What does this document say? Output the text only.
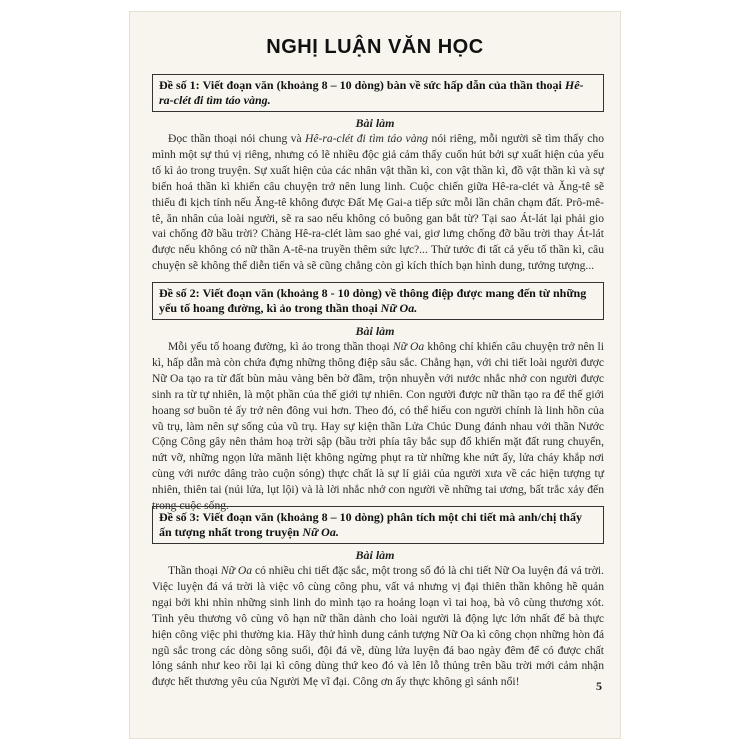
NGHỊ LUẬN VĂN HỌC
Đề số 1: Viết đoạn văn (khoảng 8 – 10 dòng) bàn về sức hấp dẫn của thần thoại Hê-ra-clét đi tìm táo vàng.
Bài làm
Đọc thần thoại nói chung và Hê-ra-clét đi tìm táo vàng nói riêng, mỗi người sẽ tìm thấy cho mình một sự thú vị riêng, nhưng có lẽ nhiều độc giả cảm thấy cuốn hút bởi sự xuất hiện của yếu tố kì ảo trong truyện. Sự xuất hiện của các nhân vật thần kì, con vật thần kì, đồ vật thần kì và sự biến hoá thần kì khiến câu chuyện trở nên lung linh. Cuộc chiến giữa Hê-ra-clét và Ăng-tê sẽ thiếu đi kịch tính nếu Ăng-tê không được Đất Mẹ Gai-a tiếp sức mỗi lần chân chạm đất. Prô-mê-tê, ăn nhân của loài người, sẽ ra sao nếu không có buông gan bắt từ? Tại sao Át-lát lại phải gio vai chống đỡ bầu trời? Chàng Hê-ra-clét làm sao ghé vai, giơ lưng chống đỡ bầu trời thay Át-lát được nếu không có nữ thần A-tê-na truyền thêm sức lực?... Thử tước đi tất cả yếu tố thần kì, câu chuyện sẽ không thể diễn tiến và sẽ cũng chẳng còn gì kích thích bạn hình dung, tưởng tượng...
Đề số 2: Viết đoạn văn (khoảng 8 - 10 dòng) về thông điệp được mang đến từ những yếu tố hoang đường, kì ảo trong thần thoại Nữ Oa.
Bài làm
Mỗi yếu tố hoang đường, kì ảo trong thần thoại Nữ Oa không chỉ khiến câu chuyện trở nên li kì, hấp dẫn mà còn chứa đựng những thông điệp sâu sắc. Chẳng hạn, với chi tiết loài người được Nữ Oa tạo ra từ đất bùn màu vàng bên bờ đầm, trộn nhuyễn với nước nhắc nhở con người được sinh ra từ tự nhiên, là một phần của thế giới tự nhiên. Con người được nữ thần tạo ra để thế giới hoang sơ buồn tẻ ấy trở nên đông vui hơn. Theo đó, có thể hiểu con người chính là linh hồn của vũ trụ, làm nên sự sống của vũ trụ. Hay sự kiện thần Lửa Chúc Dung đánh nhau với thần Nước Cộng Công gây nên thảm hoạ trời sập (bầu trời phía tây bắc sụp đổ khiến mặt đất rung chuyển, nứt vỡ, những ngọn lửa mãnh liệt không ngừng phụt ra từ những khe nứt ấy, lửa cháy khắp nơi cùng với nước dâng trào cuộn sóng) thực chất là sự lí giải của người xưa về các hiện tượng tự nhiên, thiên tai (núi lửa, lụt lội) và là lời nhắc nhở con người về những tai ương, bất trắc xảy đến trong cuộc sống.
Đề số 3: Viết đoạn văn (khoảng 8 – 10 dòng) phân tích một chi tiết mà anh/chị thấy ấn tượng nhất trong truyện Nữ Oa.
Bài làm
Thần thoại Nữ Oa có nhiều chi tiết đặc sắc, một trong số đó là chi tiết Nữ Oa luyện đá vá trời. Việc luyện đá vá trời là việc vô cùng công phu, vất vả nhưng vị đại thiên thần không hề quản ngại bởi khi nhìn những sinh linh do mình tạo ra hoảng loạn vì tai hoạ, bà vô cùng thương xót. Tình yêu thương vô cùng vô hạn nữ thần dành cho loài người là động lực lớn nhất để bà thực hiện công việc phi thường kia. Hãy thử hình dung cảnh tượng Nữ Oa kì công chọn những hòn đá ngũ sắc trong các dòng sông suối, đội đá về, dùng lửa luyện đá bao ngày đêm để có được chất lỏng sánh như keo rồi lại kì công dùng thứ keo đó và lên lỗ thủng trên bầu trời mới cảm nhận được hết thương yêu của Người Mẹ vĩ đại. Công ơn ấy thực không gì sánh nổi!	5
